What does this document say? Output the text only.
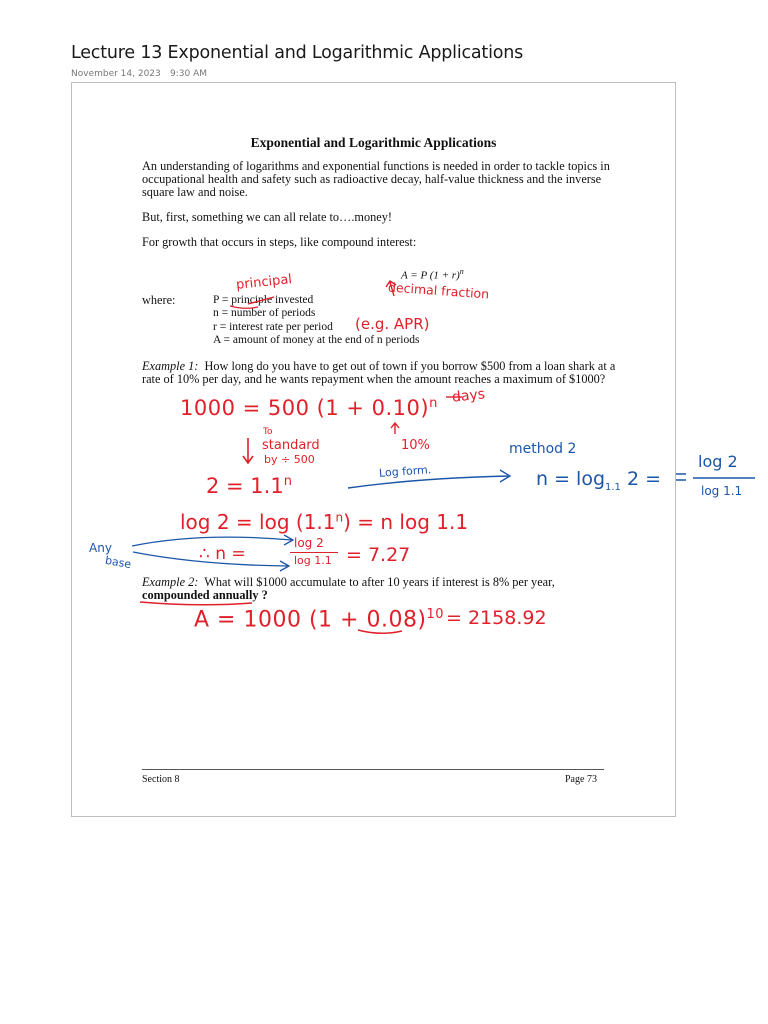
Lecture 13 Exponential and Logarithmic Applications
November 14, 2023 9:30 AM
Exponential and Logarithmic Applications
An understanding of logarithms and exponential functions is needed in order to tackle topics in
occupational health and safety such as radioactive decay, half-value thickness and the inverse
square law and noise.
But, first, something we can all relate to….money!
For growth that occurs in steps, like compound interest:
A = P $(1 + r)^n$
where:	P = principle invested
n = number of periods
r = interest rate per period
A = amount of money at the end of n periods
Example 1: How long do you have to get out of town if you borrow $500 from a loan shark at a
rate of 10% per day, and he wants repayment when the amount reaches a maximum of $1000?
Example 2: What will $1000 accumulate to after 10 years if interest is 8% per year,
compounded annually ?
Section 8	Page 73
principal	decimal fraction
(e.g. APR)
1000 = 500 $(1 + 0.10)^n$ days
10%
To
standard
by ÷ 500
$2 = 1.1^n$
$\log 2 = \log (1.1^n) = n$ log 1.1
∴ n =
log 2
log 1.1 = 7.27
A = 1000 $(1 + 0.08)^{10} = 2158.92$
Log form.
method 2
$n = \log_{1.1} 2$ =
log 2
log 1.1
Any
base
